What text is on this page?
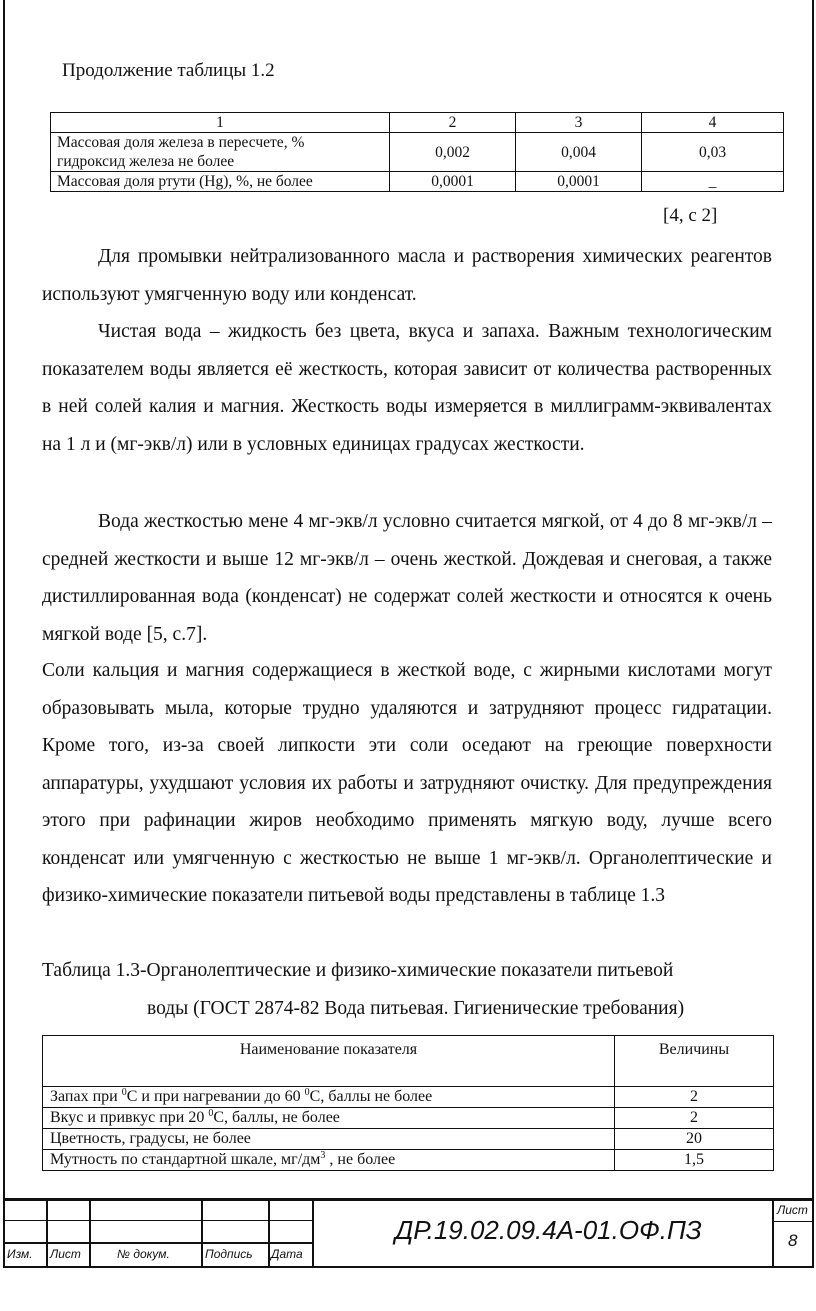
Продолжение таблицы 1.2
1	2	3	4
Массовая доля железа в пересчете, %
гидроксид железа не более	0,002	0,004	0,03
Массовая доля ртути (Hg), %, не более	0,0001	0,0001	_
[4, с 2]
Для промывки нейтрализованного масла и растворения химических реагентов используют умягченную воду или конденсат.
Чистая вода – жидкость без цвета, вкуса и запаха. Важным технологическим показателем воды является её жесткость, которая зависит от количества растворенных в ней солей калия и магния. Жесткость воды измеряется в миллиграмм-эквивалентах на 1 л и (мг-экв/л) или в условных единицах градусах жесткости.
Вода жесткостью мене 4 мг-экв/л условно считается мягкой, от 4 до 8 мг-экв/л – средней жесткости и выше 12 мг-экв/л – очень жесткой. Дождевая и снеговая, а также дистиллированная вода (конденсат) не содержат солей жесткости и относятся к очень мягкой воде [5, с.7].
Соли кальция и магния содержащиеся в жесткой воде, с жирными кислотами могут образовывать мыла, которые трудно удаляются и затрудняют процесс гидратации. Кроме того, из-за своей липкости эти соли оседают на греющие поверхности аппаратуры, ухудшают условия их работы и затрудняют очистку. Для предупреждения этого при рафинации жиров необходимо применять мягкую воду, лучше всего конденсат или умягченную с жесткостью не выше 1 мг-экв/л. Органолептические и физико-химические показатели питьевой воды представлены в таблице 1.3
Таблица 1.3-Органолептические и физико-химические показатели питьевой
воды (ГОСТ 2874-82 Вода питьевая. Гигиенические требования)
Наименование показателя	Величины
Запах при $^0$С и при нагревании до 60 $^0$С, баллы не более	2
Вкус и привкус при 20 $^0$С, баллы, не более	2
Цветность, градусы, не более	20
Мутность по стандартной шкале, $мг/дм^3$ , не более	1,5
Изм. Лист	№ докум.	Подпись Дата
Лист
8
ДР.19.02.09.4А-01.ОФ.ПЗ
